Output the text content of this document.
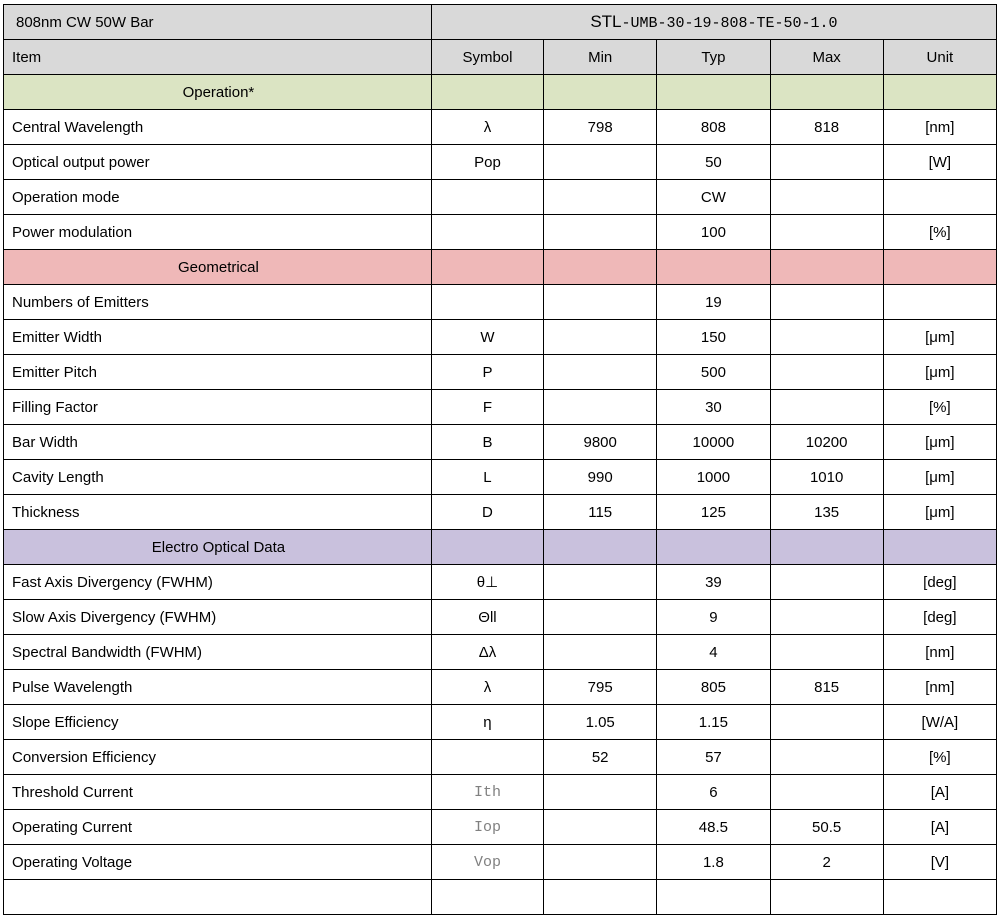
808nm CW 50W Bar	STL-UMB-30-19-808-TE-50-1.0				
Item	Symbol	Min	Typ	Max	Unit
Operation*					
Central Wavelength	λ	798	808	818	[nm]
Optical output power	Pop		50		[W]
Operation mode			CW		
Power modulation			100		[%]
Geometrical					
Numbers of Emitters			19		
Emitter Width	W		150		[μm]
Emitter Pitch	P		500		[μm]
Filling Factor	F		30		[%]
Bar Width	B	9800	10000	10200	[μm]
Cavity Length	L	990	1000	1010	[μm]
Thickness	D	115	125	135	[μm]
Electro Optical Data					
Fast Axis Divergency (FWHM)	θ⊥		39		[deg]
Slow Axis Divergency (FWHM)	Θll		9		[deg]
Spectral Bandwidth (FWHM)	Δλ		4		[nm]
Pulse Wavelength	λ	795	805	815	[nm]
Slope Efficiency	η	1.05	1.15		[W/A]
Conversion Efficiency		52	57		[%]
Threshold Current	Ith		6		[A]
Operating Current	Iop		48.5	50.5	[A]
Operating Voltage	Vop		1.8	2	[V]
